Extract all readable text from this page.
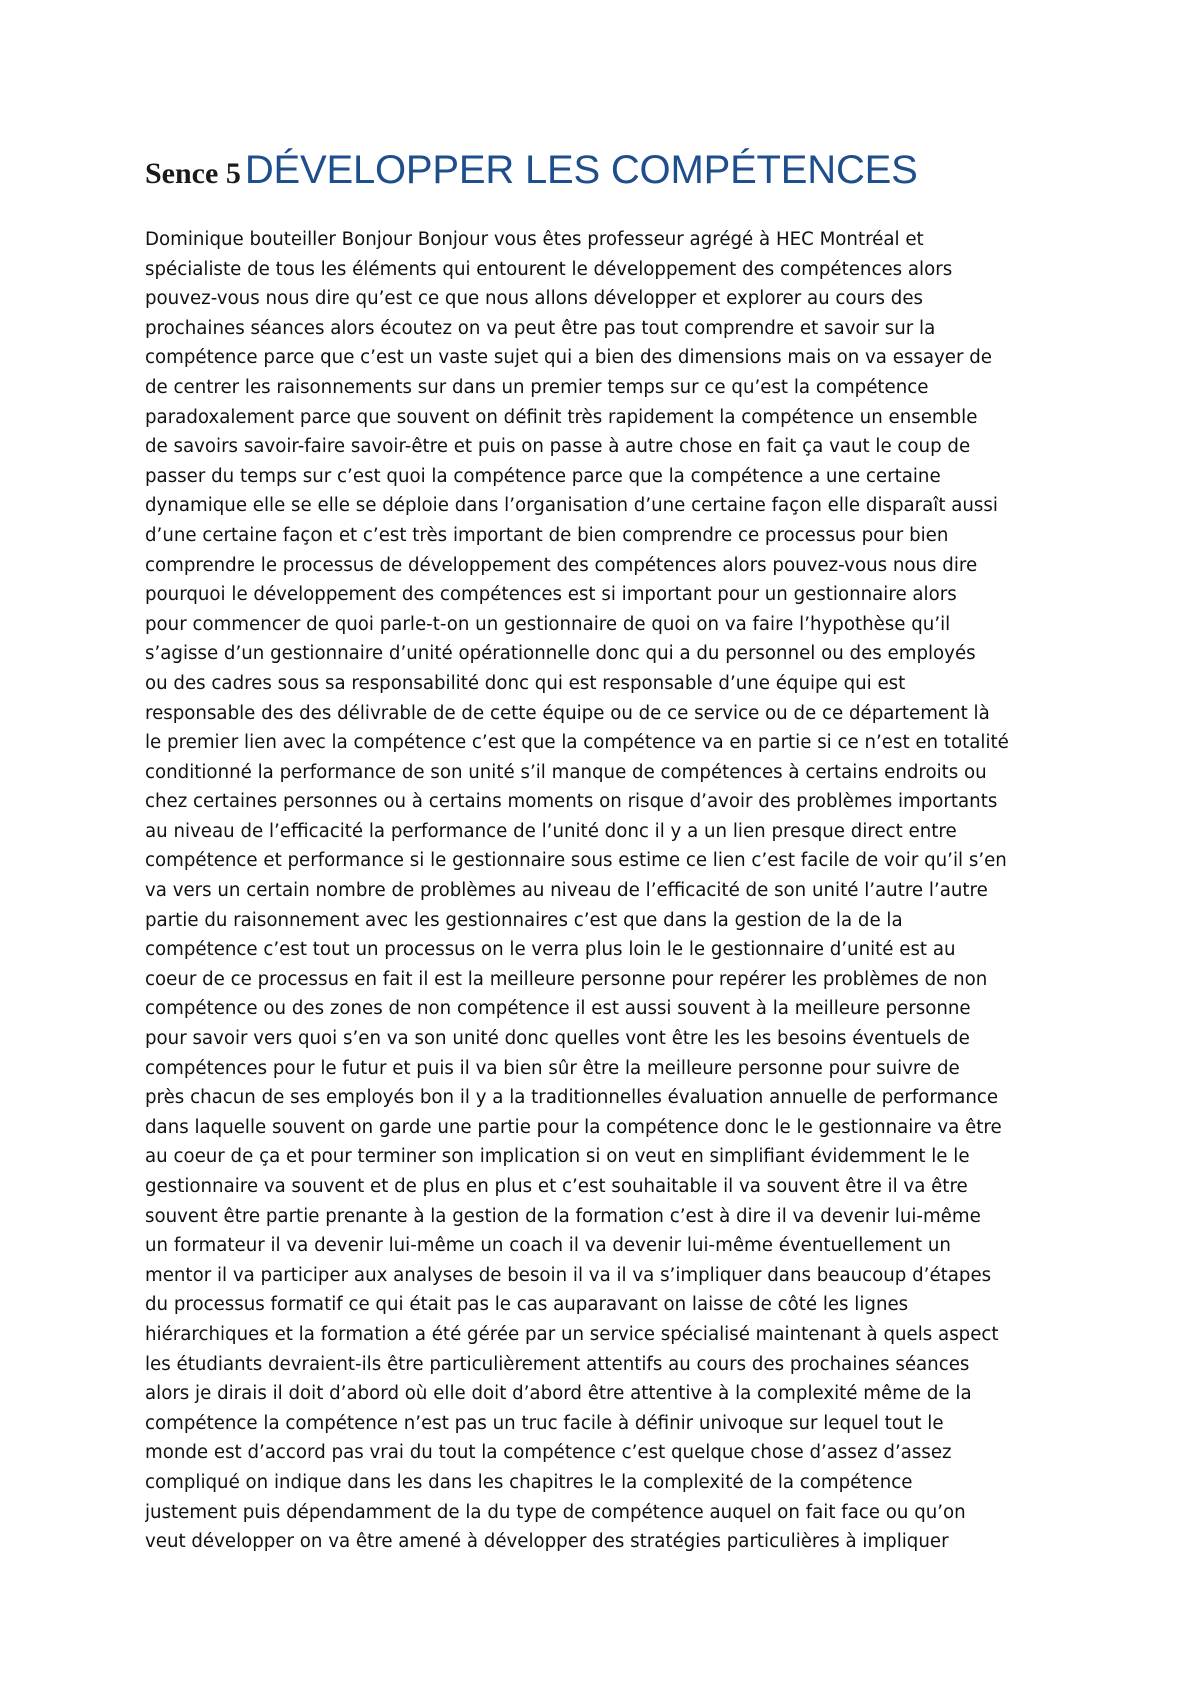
Sence 5 DÉVELOPPER LES COMPÉTENCES
Dominique bouteiller Bonjour Bonjour vous êtes professeur agrégé à HEC Montréal et
spécialiste de tous les éléments qui entourent le développement des compétences alors
pouvez-vous nous dire qu’est ce que nous allons développer et explorer au cours des
prochaines séances alors écoutez on va peut être pas tout comprendre et savoir sur la
compétence parce que c’est un vaste sujet qui a bien des dimensions mais on va essayer de
de centrer les raisonnements sur dans un premier temps sur ce qu’est la compétence
paradoxalement parce que souvent on définit très rapidement la compétence un ensemble
de savoirs savoir-faire savoir-être et puis on passe à autre chose en fait ça vaut le coup de
passer du temps sur c’est quoi la compétence parce que la compétence a une certaine
dynamique elle se elle se déploie dans l’organisation d’une certaine façon elle disparaît aussi
d’une certaine façon et c’est très important de bien comprendre ce processus pour bien
comprendre le processus de développement des compétences alors pouvez-vous nous dire
pourquoi le développement des compétences est si important pour un gestionnaire alors
pour commencer de quoi parle-t-on un gestionnaire de quoi on va faire l’hypothèse qu’il
s’agisse d’un gestionnaire d’unité opérationnelle donc qui a du personnel ou des employés
ou des cadres sous sa responsabilité donc qui est responsable d’une équipe qui est
responsable des des délivrable de de cette équipe ou de ce service ou de ce département là
le premier lien avec la compétence c’est que la compétence va en partie si ce n’est en totalité
conditionné la performance de son unité s’il manque de compétences à certains endroits ou
chez certaines personnes ou à certains moments on risque d’avoir des problèmes importants
au niveau de l’efficacité la performance de l’unité donc il y a un lien presque direct entre
compétence et performance si le gestionnaire sous estime ce lien c’est facile de voir qu’il s’en
va vers un certain nombre de problèmes au niveau de l’efficacité de son unité l’autre l’autre
partie du raisonnement avec les gestionnaires c’est que dans la gestion de la de la
compétence c’est tout un processus on le verra plus loin le le gestionnaire d’unité est au
coeur de ce processus en fait il est la meilleure personne pour repérer les problèmes de non
compétence ou des zones de non compétence il est aussi souvent à la meilleure personne
pour savoir vers quoi s’en va son unité donc quelles vont être les les besoins éventuels de
compétences pour le futur et puis il va bien sûr être la meilleure personne pour suivre de
près chacun de ses employés bon il y a la traditionnelles évaluation annuelle de performance
dans laquelle souvent on garde une partie pour la compétence donc le le gestionnaire va être
au coeur de ça et pour terminer son implication si on veut en simplifiant évidemment le le
gestionnaire va souvent et de plus en plus et c’est souhaitable il va souvent être il va être
souvent être partie prenante à la gestion de la formation c’est à dire il va devenir lui-même
un formateur il va devenir lui-même un coach il va devenir lui-même éventuellement un
mentor il va participer aux analyses de besoin il va il va s’impliquer dans beaucoup d’étapes
du processus formatif ce qui était pas le cas auparavant on laisse de côté les lignes
hiérarchiques et la formation a été gérée par un service spécialisé maintenant à quels aspect
les étudiants devraient-ils être particulièrement attentifs au cours des prochaines séances
alors je dirais il doit d’abord où elle doit d’abord être attentive à la complexité même de la
compétence la compétence n’est pas un truc facile à définir univoque sur lequel tout le
monde est d’accord pas vrai du tout la compétence c’est quelque chose d’assez d’assez
compliqué on indique dans les dans les chapitres le la complexité de la compétence
justement puis dépendamment de la du type de compétence auquel on fait face ou qu’on
veut développer on va être amené à développer des stratégies particulières à impliquer
